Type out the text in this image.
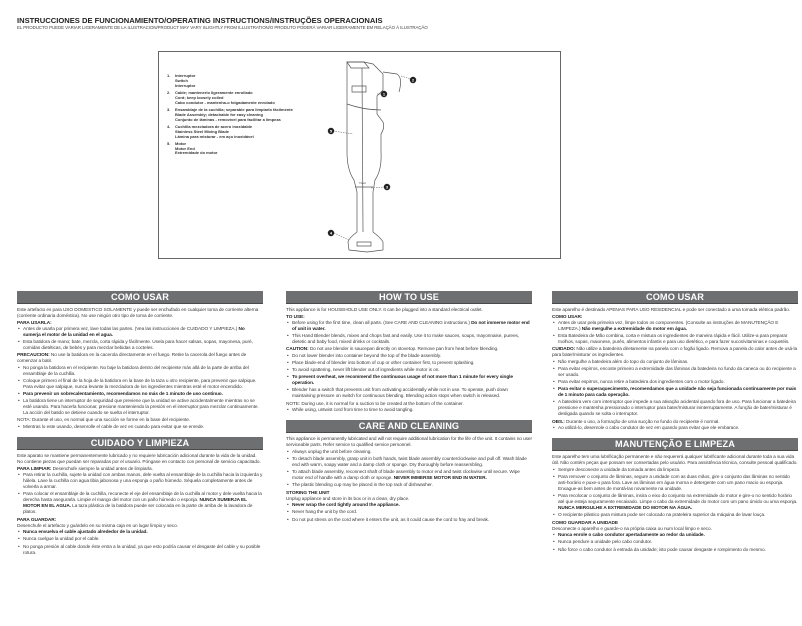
INSTRUCCIONES DE FUNCIONAMIENTO/OPERATING INSTRUCTIONS/INSTRUÇÕES OPERACIONAIS
EL PRODUCTO PUEDE VARIAR LIGERAMENTE DE LA ILUSTRACION/PRODUCT MAY VARY SLIGHTLY FROM ILLUSTRATION/O PRODUTO PODERÁ VARIAR LIGEIRAMENTE EM RELAÇÃO À ILUSTRAÇÃO
1.	Interruptor
Switch
Interruptor
2.	Cable; mantenerlo ligeramente enrollado
Cord; keep loosely coiled
Cabo condutor - mantenha-o folgadamente enrolado
3.	Ensamblaje de la cuchilla; separable para limpiarlo fácilmente
Blade Assembly; detachable for easy cleaning
Conjunto de lâminas - removível para facilitar a limpeza
4.	Cuchilla mezcladora de acero inoxidable
Stainless Steel Mixing Blade
Lâmina para misturar - em aço inoxidável
5.	Motor
Motor End
Extremidade do motor
1
2
3
4
5
Twist
COMO USAR
Este artefacto es para USO DOMESTICO SOLAMENTE y puede ser enchufado en cualquier toma de corriente alterna (corriente ordinaria doméstica). No use ningún otro tipo de toma de corriente.
PARA USARLA:
• Antes de usarla por primera vez, lave todas las partes. (Vea las instrucciones de CUIDADO Y LIMPIEZA.) No sumerja el motor de la unidad en el agua.
• Esta batidora de mano; bate, mezcla, corta rápida y fácilmente. Usela para hacer salsas, sopas, mayonesa, puré, comidas dietéticas, de bebés y para mezclar bebidas a cocteles.
PRECAUCION: No use la batidora en la cacerola directamente en el fuego. Retire la cacerola del fuego antes de comenzar a batir.
• No ponga la batidora en el recipiente. No baje la batidora dentro del recipiente más allá de la parte de arriba del ensamblaje de la cuchilla.
• Coloque primero el final de la hoja de la batidora en la base de la taza u otro recipiente, para prevenir que salpique. Para evitar que salpique, nunca levante la mezcladora de los ingredientes mientras esté el motor encendido.
• Para prevenir un sobrecalentamiento, recomendamos no más de 1 minuto de uso continuo.
• La batidora tiene un interruptor de seguridad que previene que la unidad se active accidentalmente mientras no se esté usando. Para hacerla funcionar, presione manteniendo la presión en el interruptor para mezclar continuamente. La acción del batido se detiene cuando se suelta el interruptor.
NOTA: Durante el uso, es normal que una succión se forme en la base del recipiente.
• Mientras lo este usando, desenrolle el cable de vez en cuando para evitar que se enrede.
CUIDADO Y LIMPIEZA
Este aparato se mantiene permanentemente lubricado y no requiere lubricación adicional durante la vida de la unidad. No contiene piezas que puedan ser reparadas por el usuario. Póngase en contacto con personal de servicio capacitado.
PARA LIMPIAR: Desenchufe siempre la unidad antes de limpiarla.
• Para retirar la cuchilla, sujete la unidad con ambas manos, dele vuelta al ensamblaje de la cuchilla hacia la izquierda y hálela. Lave la cuchilla con agua tibia jabonosa y una esponja o paño húmedo. Séquela completamente antes de volverla a armar.
• Para colocar el ensamblaje de la cuchilla, reconecte el eje del ensamblaje de la cuchilla al motor y dele vuelta hacia la derecha hasta asegurarla. Limpie el mango del motor con un paño húmedo o esponja. NUNCA SUMERJA EL MOTOR EN EL AGUA. La taza plástica de la batidora puede ser colocada en la parte de arriba de la lavadora de platos.
PARA GUARDAR:
Desenchufe el artefacto y guárdelo en su misma caja en un lugar limpio y seco.
• Nunca envuelva el cable ajustado alrededor de la unidad.
• Nunca cuelgue la unidad por el cable.
• No ponga presión al cable donde éste entra a la unidad, ya que esto podría causar el desgaste del cable y su posible rotura.
HOW TO USE
This appliance is for HOUSEHOLD USE ONLY. It can be plugged into a standard electrical outlet.
TO USE:
• Before using for the first time, clean all parts. (See CARE AND CLEANING instructions.) Do not immerse motor end of unit in water.
• This Hand Blender blends, mixes and chops fast and easily. Use it to make sauces, soups, mayonnaise, purees, dietetic and baby food, mixed drinks or cocktails.
CAUTION: Do not use blender in saucepan directly on stovetop. Remove pan from heat before blending.
• Do not lower blender into container beyond the top of the blade assembly.
• Place blade-end of blender into bottom of cup or other container first, to prevent splashing.
• To avoid spattering, never lift blender out of ingredients while motor is on.
• To prevent overheat, we recommend the continuous usage of not more than 1 minute for every single operation.
• Blender has a switch that prevents unit from activating accidentally while not in use. To operate, push down maintaining pressure on switch for continuous blending. Blending action stops when switch is released.
NOTE: During use, it is normal for a suction to be created at the bottom of the container.
• While using, untwist cord from time to time to avoid tangling.
CARE AND CLEANING
This appliance is permanently lubricated and will not require additional lubrication for the life of the unit. It contains no user serviceable parts. Refer service to qualified service personnel.
• Always unplug the unit before cleaning.
• To detach blade assembly, grasp unit in both hands, twist blade assembly counterclockwise and pull off. Wash blade end with warm, soapy water and a damp cloth or sponge. Dry thoroughly before reassembling.
• To attach blade assembly, reconnect shaft of blade assembly to motor end and twist clockwise until secure. Wipe motor end of handle with a damp cloth or sponge. NEVER IMMERSE MOTOR END IN WATER.
• The plastic blending cup may be placed in the top rack of dishwasher.
STORING THE UNIT
Unplug appliance and store in its box or in a clean, dry place.
• Never wrap the cord tightly around the appliance.
• Never hang the unit by the cord.
• Do not put stress on the cord where it enters the unit, as it could cause the cord to fray and break.
COMO USAR
Este aparelho é destinado APENAS PARA USO RESIDENCIAL e pode ser conectado a uma tomada elétrica padrão.
COMO USAR:
• Antes de usar pela primeira vez, limpe todos os componentes. (Consulte as instruções de MANUTENÇÃO E LIMPEZA.) Não mergulhe a extremidade do motor em água.
• Esta Batedeira de Mão combina, corta e mistura os ingredientes de maneira rápida e fácil. Utilize-a para preparar molhos, sopas, maionese, purês, alimentos infantis e para uso dietético, e para fazer sucos/vitaminas e coquetéis.
CUIDADO: Não utilize a batedeira diretamente na panela com o fogão ligado. Remova a panela do calor antes de usá-la para bater/misturar os ingredientes.
• Não mergulhe a batedeira além do topo do conjunto de lâminas.
• Para evitar espirros, encoste primeiro a extremidade das lâminas da batedeira no fundo da caneca ou do recipiente a ser usado.
• Para evitar espirros, nunca retire a batedeira dos ingredientes com o motor ligado.
• Para evitar o superaquecimento, recomendamos que a unidade não seja funcionada continuamente por mais de 1 minuto para cada operação.
• A batedeira vem com interruptor que impede a sua ativação acidental quando fora de uso. Para funcionar a batedeira pressione e mantenha pressionado o interruptor para bater/misturar ininterruptamente. A função de bater/misturar é desligada quando se solta o interruptor.
OBS.: Durante o uso, a formação de uma sucção no fundo do recipiente é normal.
• Ao utilizá-lo, desenrole o cabo condutor de vez em quando para evitar que ele embarace.
MANUTENÇÃO E LIMPEZA
Este aparelho tem uma lubrificação permanente e não requererá qualquer lubrificante adicional durante toda a sua vida útil. Não contém peças que possam ser consertadas pelo usuário. Para assistência técnica, consulte pessoal qualificado.
• Sempre desconecte a unidade da tomada antes da limpeza.
• Para remover o conjunto de lâminas, segure a unidade com as duas mãos, gire o conjunto das lâminas no sentido anti-horário e puxe-o para fora. Lave as lâminas em água morna e detergente com um pano macio ou esponja. Enxague-as bem antes de montá-las novamente na unidade.
• Para recolocar o conjunto de lâminas, insira o eixo do conjunto na extremidade do motor e gire-o no sentido horário até que esteja seguramente encaixado. Limpe o cabo da extremidade do motor com um pano úmido ou uma esponja. NUNCA MERGULHE A EXTREMIDADE DO MOTOR NA ÁGUA.
• O recipiente plástico para mistura pode ser colocado na prateleira superior da máquina de lavar louça.
COMO GUARDAR A UNIDADE
Desconecte o aparelho e guarde-o na própria caixa ou num local limpo e seco.
• Nunca enrole o cabo condutor apertadamente ao redor da unidade.
• Nunca pendure a unidade pelo cabo condutor.
• Não force o cabo condutor à entrada da unidade; isto pode causar desgaste e rompimento do mesmo.
